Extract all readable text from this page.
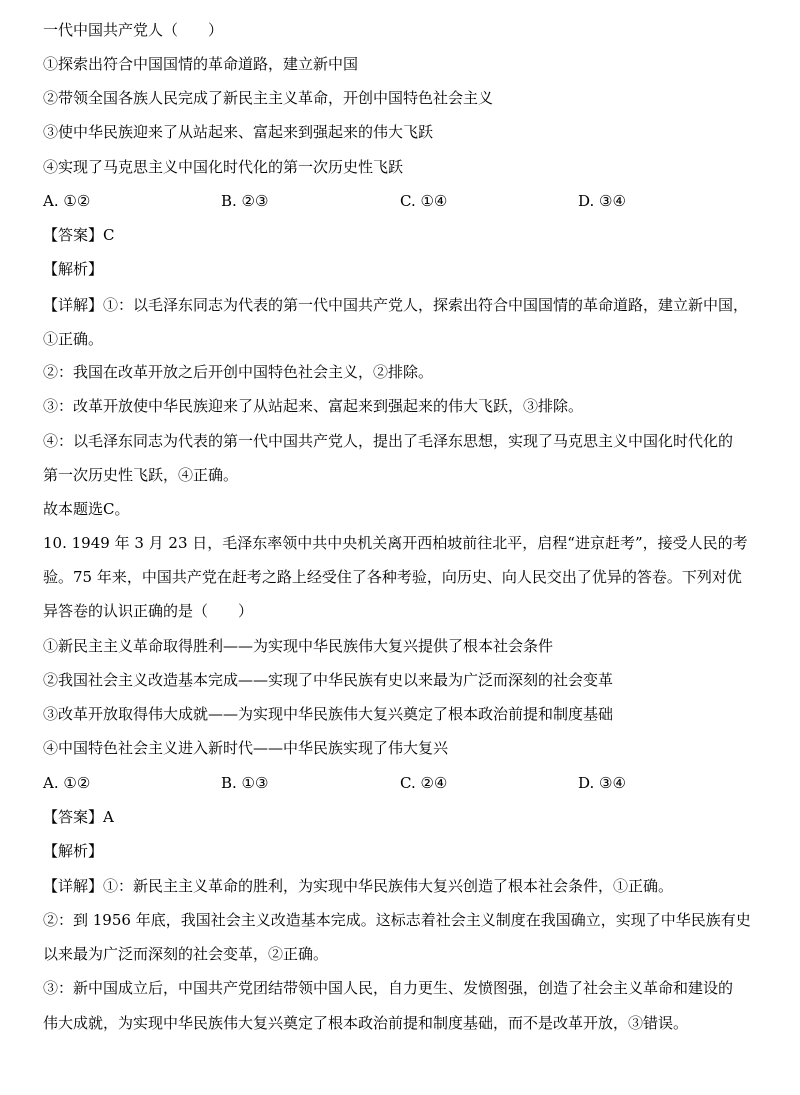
一代中国共产党人（　　）
①探索出符合中国国情的革命道路，建立新中国
②带领全国各族人民完成了新民主主义革命，开创中国特色社会主义
③使中华民族迎来了从站起来、富起来到强起来的伟大飞跃
④实现了马克思主义中国化时代化的第一次历史性飞跃
A. ①②	B. ②③	C. ①④	D. ③④
【答案】C
【解析】
【详解】①：以毛泽东同志为代表的第一代中国共产党人，探索出符合中国国情的革命道路，建立新中国，
①正确。
②：我国在改革开放之后开创中国特色社会主义，②排除。
③：改革开放使中华民族迎来了从站起来、富起来到强起来的伟大飞跃，③排除。
④：以毛泽东同志为代表的第一代中国共产党人，提出了毛泽东思想，实现了马克思主义中国化时代化的
第一次历史性飞跃，④正确。
故本题选C。
10. 1949 年 3 月 23 日，毛泽东率领中共中央机关离开西柏坡前往北平，启程“进京赶考”，接受人民的考
验。75 年来，中国共产党在赶考之路上经受住了各种考验，向历史、向人民交出了优异的答卷。下列对优
异答卷的认识正确的是（　　）
①新民主主义革命取得胜利——为实现中华民族伟大复兴提供了根本社会条件
②我国社会主义改造基本完成——实现了中华民族有史以来最为广泛而深刻的社会变革
③改革开放取得伟大成就——为实现中华民族伟大复兴奠定了根本政治前提和制度基础
④中国特色社会主义进入新时代——中华民族实现了伟大复兴
A. ①②	B. ①③	C. ②④	D. ③④
【答案】A
【解析】
【详解】①：新民主主义革命的胜利，为实现中华民族伟大复兴创造了根本社会条件，①正确。
②：到 1956 年底，我国社会主义改造基本完成。这标志着社会主义制度在我国确立，实现了中华民族有史
以来最为广泛而深刻的社会变革，②正确。
③：新中国成立后，中国共产党团结带领中国人民，自力更生、发愤图强，创造了社会主义革命和建设的
伟大成就，为实现中华民族伟大复兴奠定了根本政治前提和制度基础，而不是改革开放，③错误。
